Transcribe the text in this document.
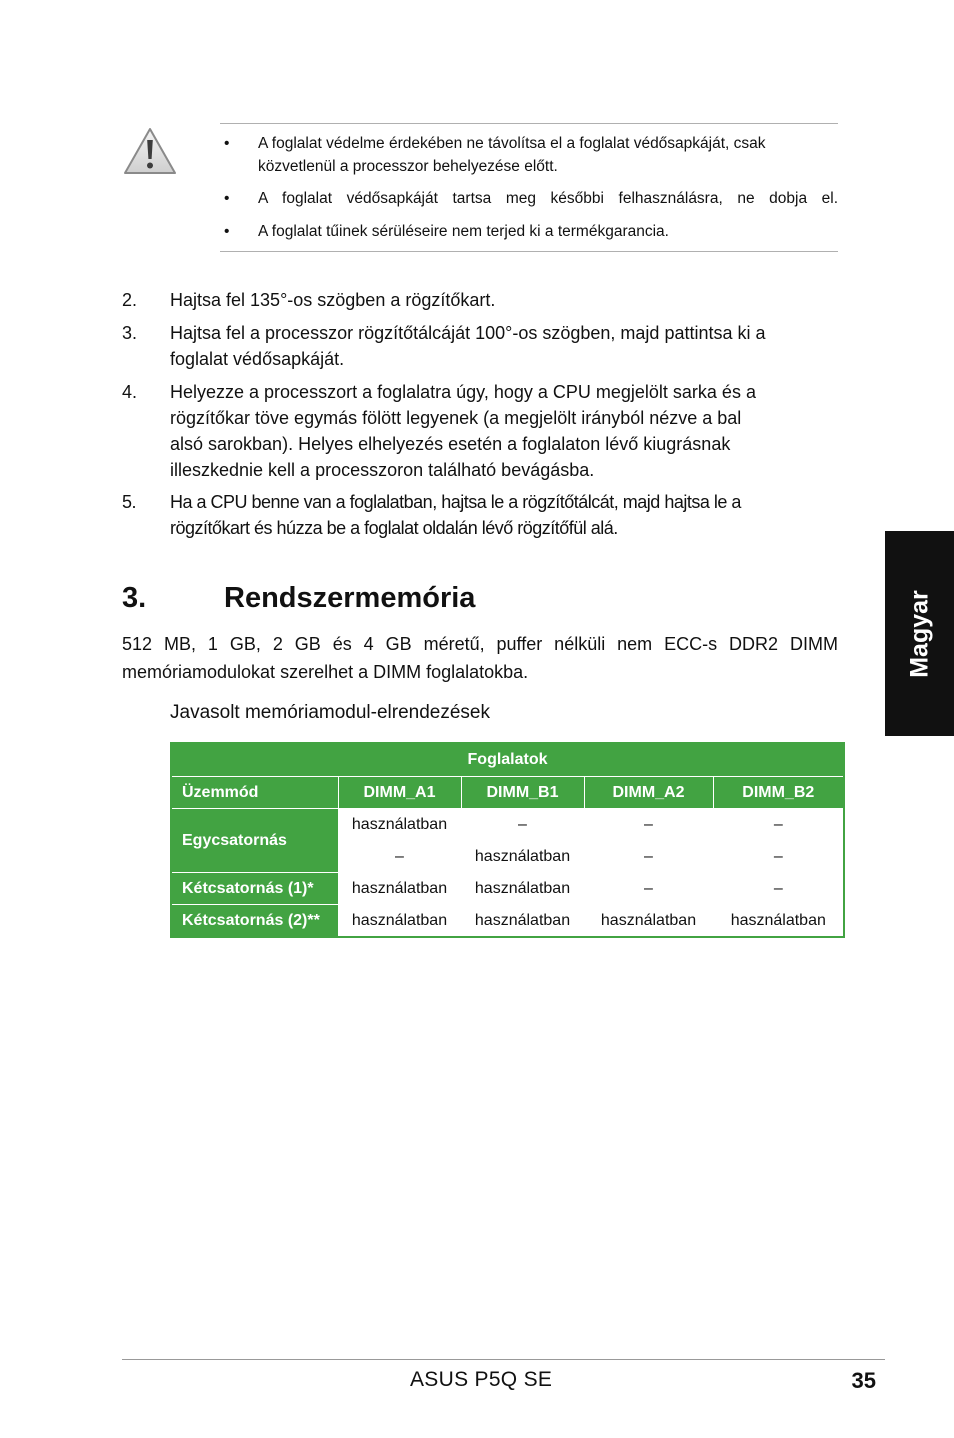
• A foglalat védelme érdekében ne távolítsa el a foglalat védősapkáját, csak
közvetlenül a processzor behelyezése előtt.
• A foglalat védősapkáját tartsa meg későbbi felhasználásra, ne dobja el.
• A foglalat tűinek sérüléseire nem terjed ki a termékgarancia.
2. Hajtsa fel 135°-os szögben a rögzítőkart.
3. Hajtsa fel a processzor rögzítőtálcáját 100°-os szögben, majd pattintsa ki a
foglalat védősapkáját.
4. Helyezze a processzort a foglalatra úgy, hogy a CPU megjelölt sarka és a
rögzítőkar töve egymás fölött legyenek (a megjelölt irányból nézve a bal
alsó sarokban). Helyes elhelyezés esetén a foglalaton lévő kiugrásnak
illeszkednie kell a processzoron található bevágásba.
5. Ha a CPU benne van a foglalatban, hajtsa le a rögzítőtálcát, majd hajtsa le a
rögzítőkart és húzza be a foglalat oldalán lévő rögzítőfül alá.
3.	Rendszermemória
512 MB, 1 GB, 2 GB és 4 GB méretű, puffer nélküli nem ECC-s DDR2 DIMM
memóriamodulokat szerelhet a DIMM foglalatokba.
Javasolt memóriamodul-elrendezések
Foglalatok				
Üzemmód	DIMM_A1	DIMM_B1	DIMM_A2	DIMM_B2
Egycsatornás	használatban	–	–	–
	–	használatban	–	–
Kétcsatornás (1)*	használatban	használatban	–	–
Kétcsatornás (2)**	használatban	használatban	használatban	használatban
Magyar
ASUS P5Q SE	35
